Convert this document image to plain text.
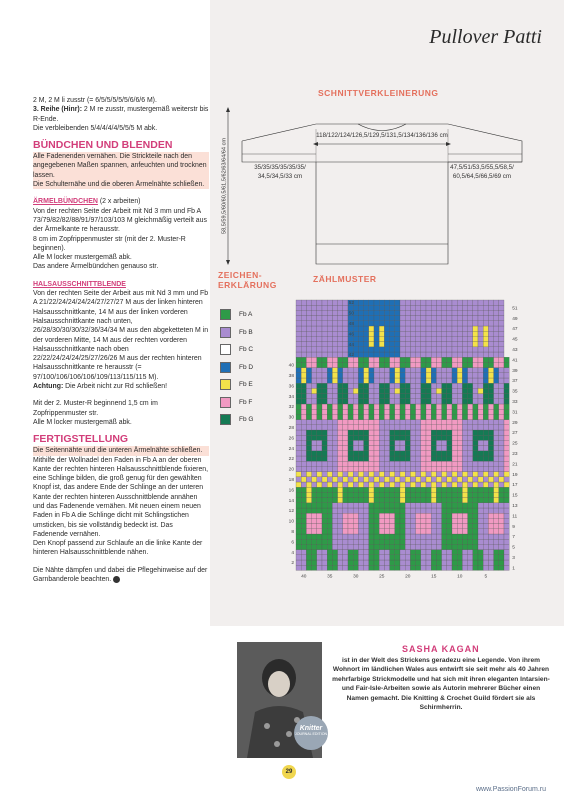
Pullover Patti

2 M, 2 M li zusstr (= 6/5/5/5/5/5/6/6/6 M).

3. Reihe (Hinr): 2 M re zusstr, mustergemäß weiterstr bis R-Ende.

Die verbleibenden 5/4/4/4/4/5/5/5 M abk.

BÜNDCHEN UND BLENDEN

Alle Fadenenden vernähen. Die Strickteile nach den angegebenen Maßen spannen, anfeuchten und trocknen lassen.

Die Schulternähe und die oberen Ärmelnähte schließen.

ÄRMELBÜNDCHEN (2 x arbeiten)

Von der rechten Seite der Arbeit mit Nd 3 mm und Fb A 73/79/82/82/88/91/97/103/103 M gleichmäßig verteilt aus der Ärmelkante re herausstr.

8 cm im Zopfrippenmuster str (mit der 2. Muster-R beginnen).

Alle M locker mustergemäß abk.

Das andere Ärmelbündchen genauso str.

HALSAUSSCHNITTBLENDE

Von der rechten Seite der Arbeit aus mit Nd 3 mm und Fb A 21/22/24/24/24/24/27/27/27 M aus der linken hinteren Halsausschnittkante, 14 M aus der linken vorderen Halsausschnittkante nach unten, 26/28/30/30/30/32/36/34/34 M aus den abgeketteten M in der vorderen Mitte, 14 M aus der rechten vorderen Halsausschnittkante nach oben 22/22/24/24/24/25/27/26/26 M aus der rechten hinteren Halsausschnittkante re herausstr (= 97/100/106/106/106/109/113/115/115 M).

Achtung: Die Arbeit nicht zur Rd schließen!

Mit der 2. Muster-R beginnend 1,5 cm im Zopfrippenmuster str.

Alle M locker mustergemäß abk.

FERTIGSTELLUNG

Die Seitennähte und die unteren Ärmelnähte schließen.

Mithilfe der Wollnadel den Faden in Fb A an der oberen Kante der rechten hinteren Halsausschnittblende fixieren, eine Schlinge bilden, die groß genug für den gewählten Knopf ist, das andere Ende der Schlinge an der unteren Kante der rechten hinteren Ausschnittblende annähen und das Fadenende vernähen. Mit neuen einem neuen Faden in Fb A die Schlinge dicht mit Schlingstichen umsticken, bis sie vollständig bedeckt ist. Das Fadenende vernähen.

Den Knopf passend zur Schlaufe an die linke Kante der hinteren Halsausschnittblende nähen.

Die Nähte dämpfen und dabei die Pflegehinweise auf der Garnbanderole beachten.

SCHNITTVERKLEINERUNG
118/122/124/126,5/129,5/131,5/134/136/136 cm
35/35/35/35/35/35/
34,5/34,5/33 cm
47,5/51/53,5/55,5/58,5/
60,5/64,5/66,5/69 cm
58,5/59,5/60/60,5/61,5/62/63/64/64 cm
ZEICHEN-
ERKLÄRUNG
Fb A
Fb B
Fb C
Fb D
Fb E
Fb F
Fb G
ZÄHLMUSTER
52
50
48
46
44
42
40
38
36
34
32
30
28
26
24
22
20
18
16
14
12
10
8
6
4
2
51
49
47
45
43
41
39
37
35
33
31
29
27
25
23
21
19
17
15
13
11
9
7
5
3
1
40	35	30	25	20	15	10	5
Knitter
JOURNAL EDITION
SASHA KAGAN
ist in der Welt des Strickens geradezu eine Legende. Von ihrem Wohnort im ländlichen Wales aus entwirft sie seit mehr als 40 Jahren mehrfarbige Strickmodelle und hat sich mit ihren eleganten Intarsien- und Fair-Isle-Arbeiten sowie als Autorin mehrerer Bücher einen Namen gemacht. Die Knitting & Crochet Guild fördert sie als Schirmherrin.
29
www.PassionForum.ru
